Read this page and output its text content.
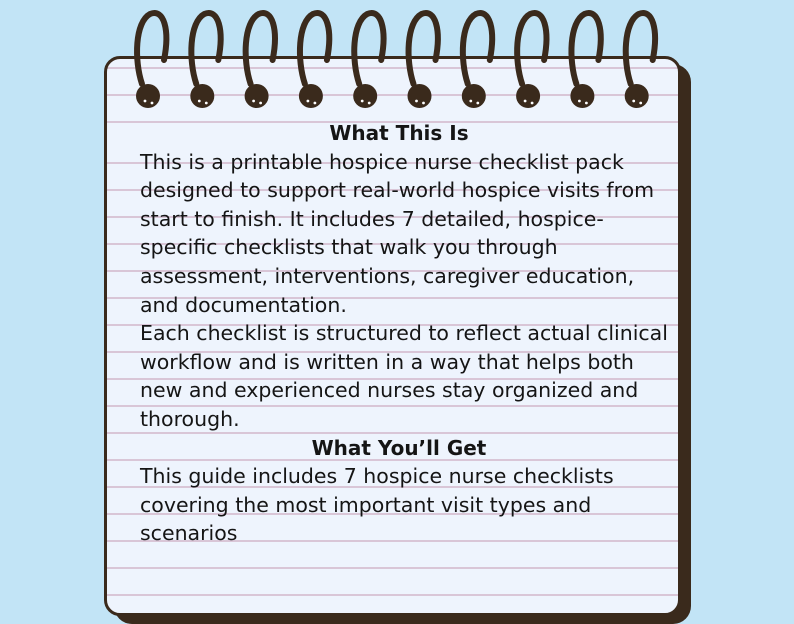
What This Is

This is a printable hospice nurse checklist pack
designed to support real-world hospice visits from
start to finish. It includes 7 detailed, hospice-
specific checklists that walk you through
assessment, interventions, caregiver education,
and documentation.

Each checklist is structured to reflect actual clinical
workflow and is written in a way that helps both
new and experienced nurses stay organized and
thorough.

What You’ll Get

This guide includes 7 hospice nurse checklists
covering the most important visit types and
scenarios
